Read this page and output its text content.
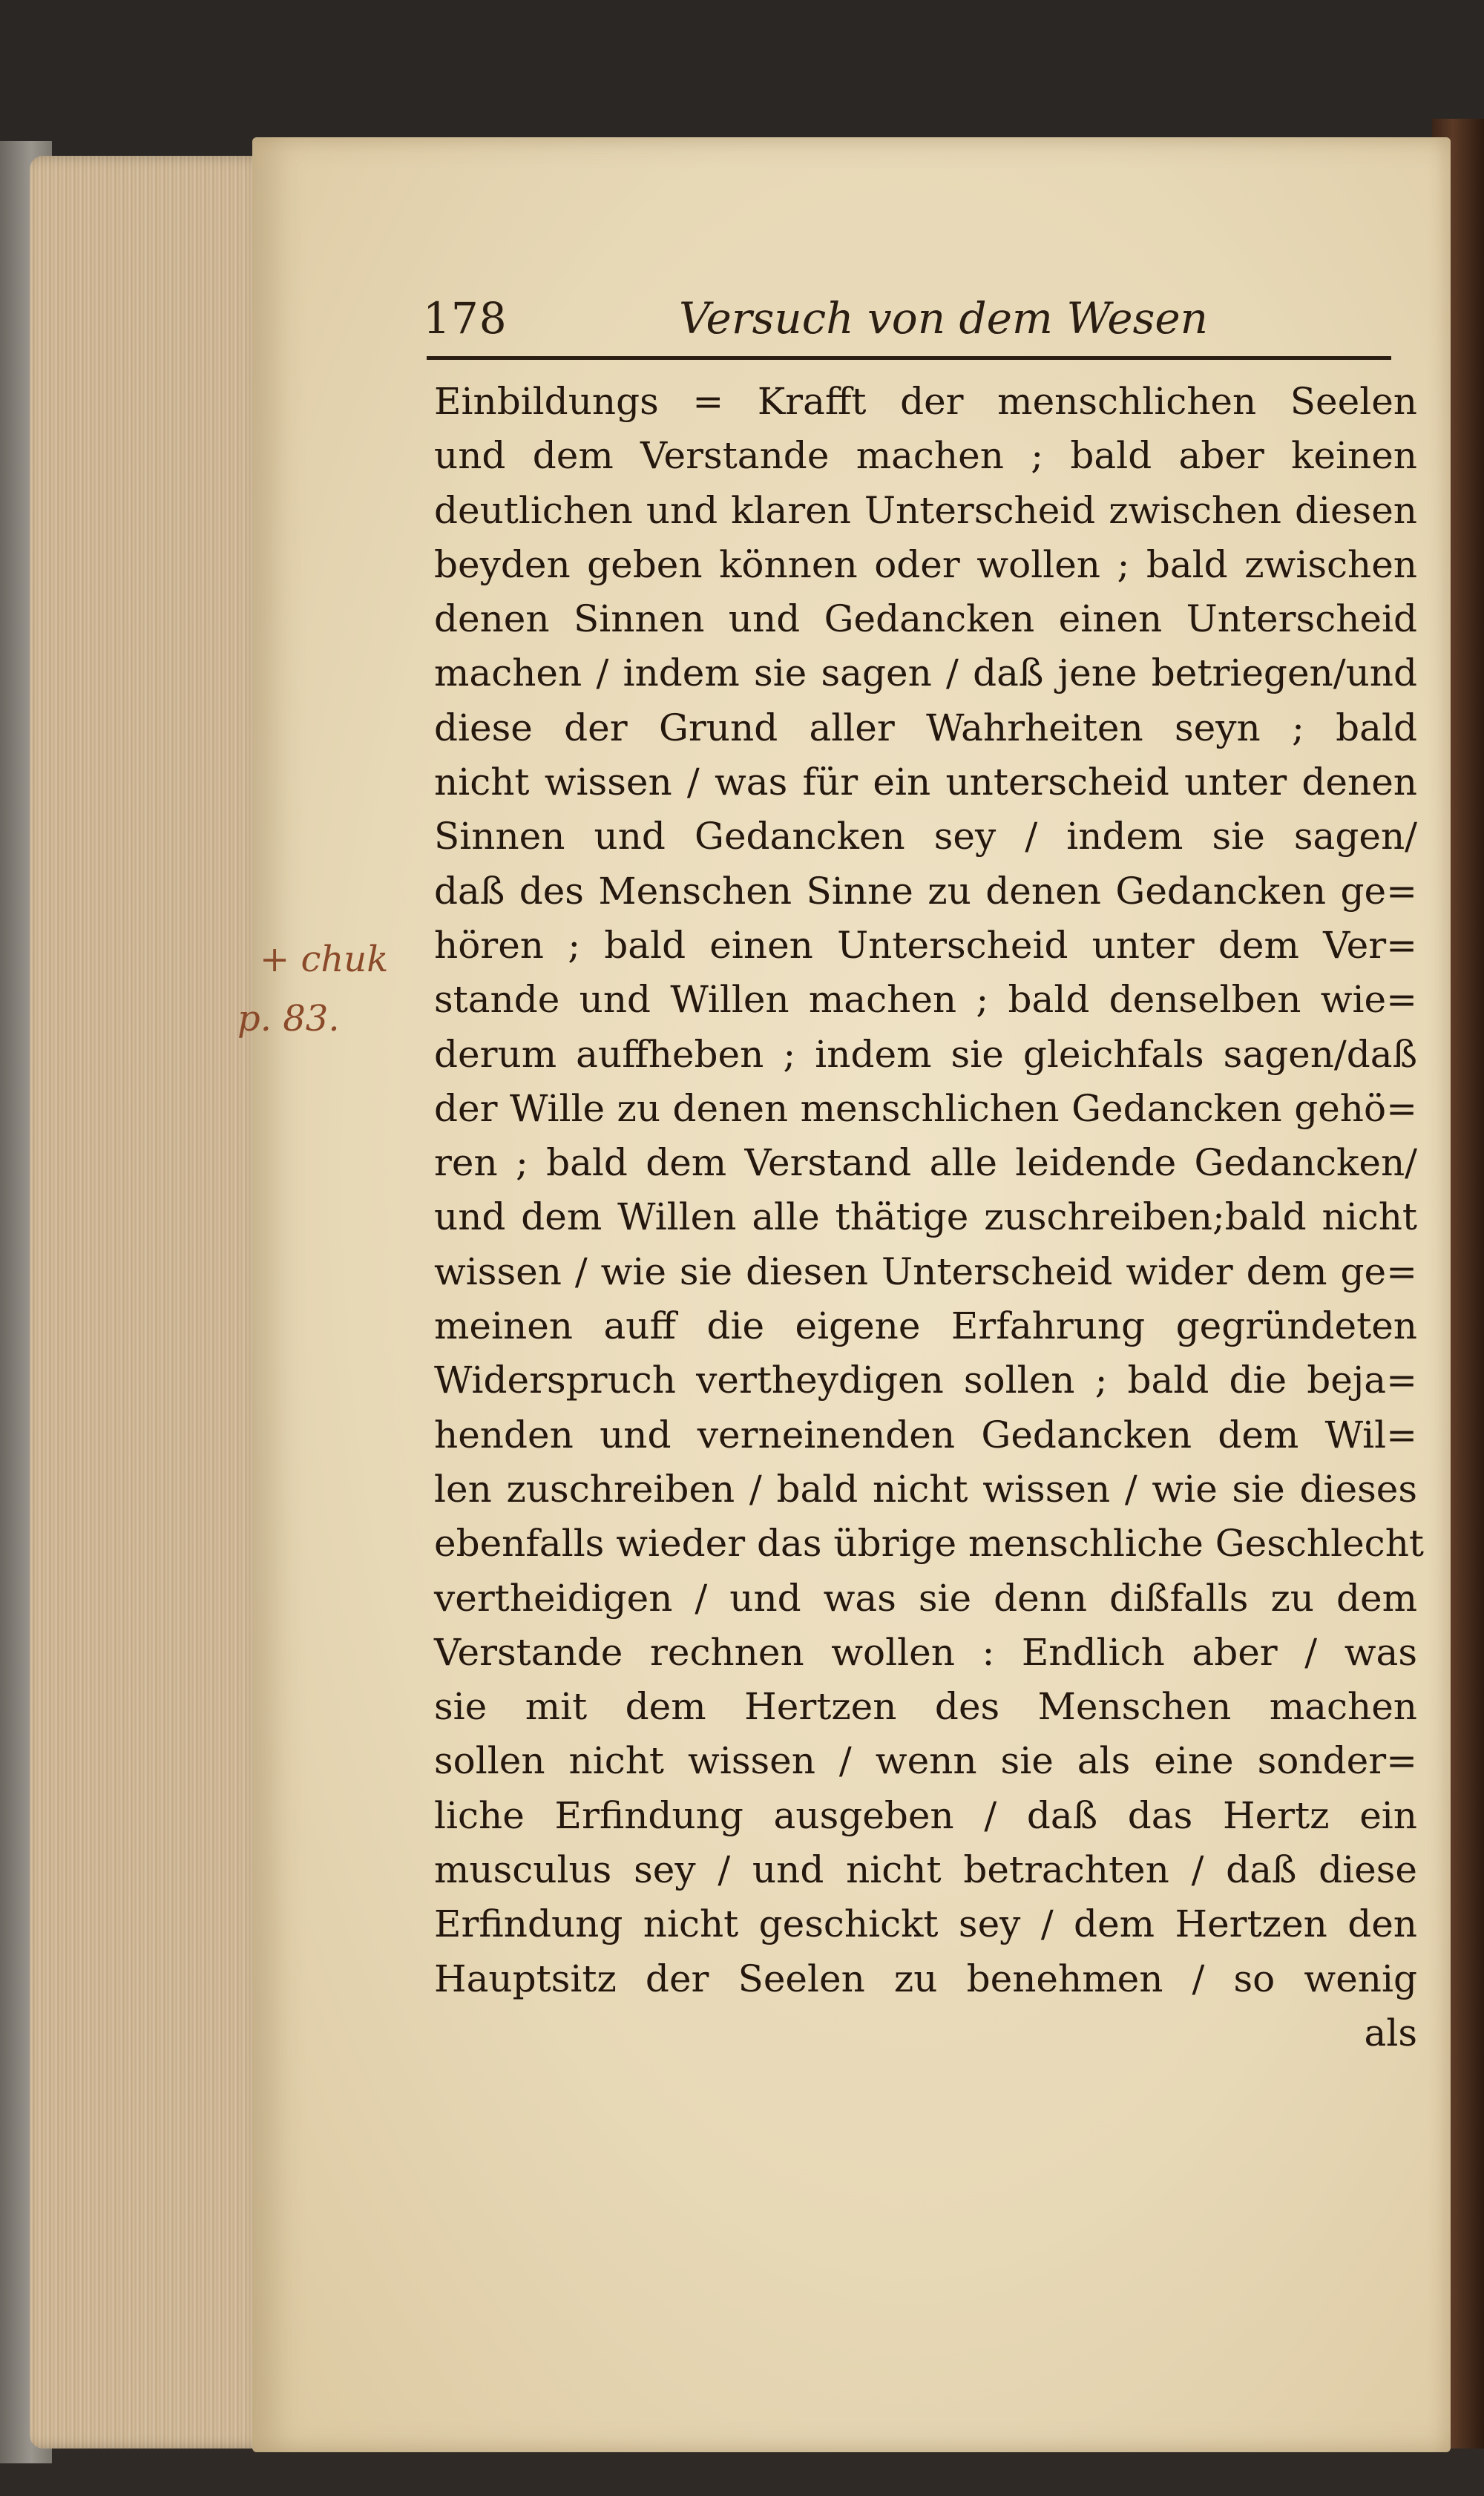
178	Versuch von dem Wesen
+ chuk
p. 83.
Einbildungs = Krafft der menschlichen Seelen
und dem Verstande machen ; bald aber keinen
deutlichen und klaren Unterscheid zwischen diesen
beyden geben können oder wollen ; bald zwischen
denen Sinnen und Gedancken einen Unterscheid
machen / indem sie sagen / daß jene betriegen/und
diese der Grund aller Wahrheiten seyn ; bald
nicht wissen / was für ein unterscheid unter denen
Sinnen und Gedancken sey / indem sie sagen/
daß des Menschen Sinne zu denen Gedancken ge=
hören ; bald einen Unterscheid unter dem Ver=
stande und Willen machen ; bald denselben wie=
derum auffheben ; indem sie gleichfals sagen/daß
der Wille zu denen menschlichen Gedancken gehö=
ren ; bald dem Verstand alle leidende Gedancken/
und dem Willen alle thätige zuschreiben;bald nicht
wissen / wie sie diesen Unterscheid wider dem ge=
meinen auff die eigene Erfahrung gegründeten
Widerspruch vertheydigen sollen ; bald die beja=
henden und verneinenden Gedancken dem Wil=
len zuschreiben / bald nicht wissen / wie sie dieses
ebenfalls wieder das übrige menschliche Geschlecht
vertheidigen / und was sie denn dißfalls zu dem
Verstande rechnen wollen : Endlich aber / was
sie mit dem Hertzen des Menschen machen
sollen nicht wissen / wenn sie als eine sonder=
liche Erfindung ausgeben / daß das Hertz ein
musculus sey / und nicht betrachten / daß diese
Erfindung nicht geschickt sey / dem Hertzen den
Hauptsitz der Seelen zu benehmen / so wenig
als
